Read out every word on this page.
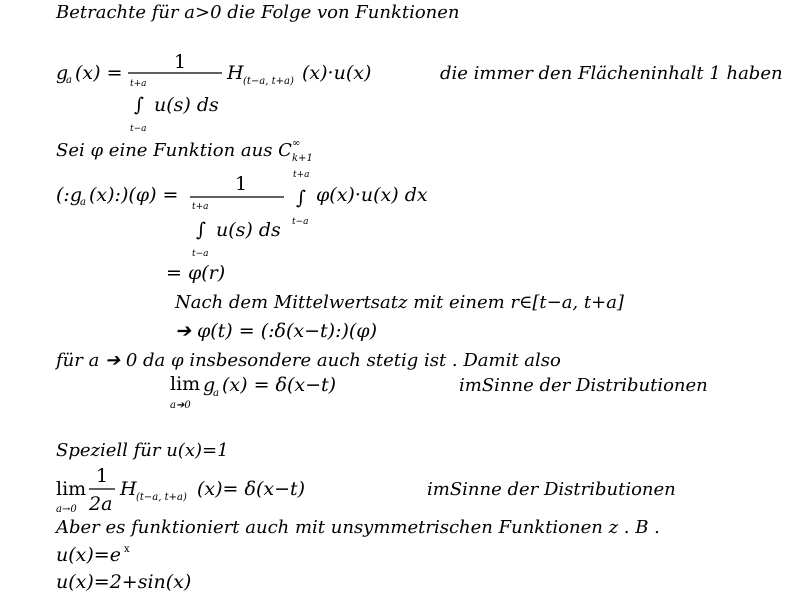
Betrachte für a>0 die Folge von Funktionen
g
a (x) =	1
t+a
∫
t−a
u(s) ds
H (t−a, t+a) (x)·u(x)	die immer den Flächeninhalt 1 haben
Sei φ eine Funktion aus C ∞
k+1
(:g
a (x):)(φ) =	1
t+a
∫
t−a
u(s) ds
t+a
∫
t−a
φ(x)·u(x) dx
= φ(r)
Nach dem Mittelwertsatz mit einem r∈[t−a, t+a]
➔ φ(t) = (:δ(x−t):)(φ)
für a ➔ 0 da φ insbesondere auch stetig ist . Damit also
lim
a➔0
g
a (x) = δ(x−t)	imSinne der Distributionen
Speziell für u(x)=1
lim
a→0
1
2a
H (t−a, t+a) (x)= δ(x−t)	imSinne der Distributionen
Aber es funktioniert auch mit unsymmetrischen Funktionen z . B .
u(x)=e x
u(x)=2+sin(x)
